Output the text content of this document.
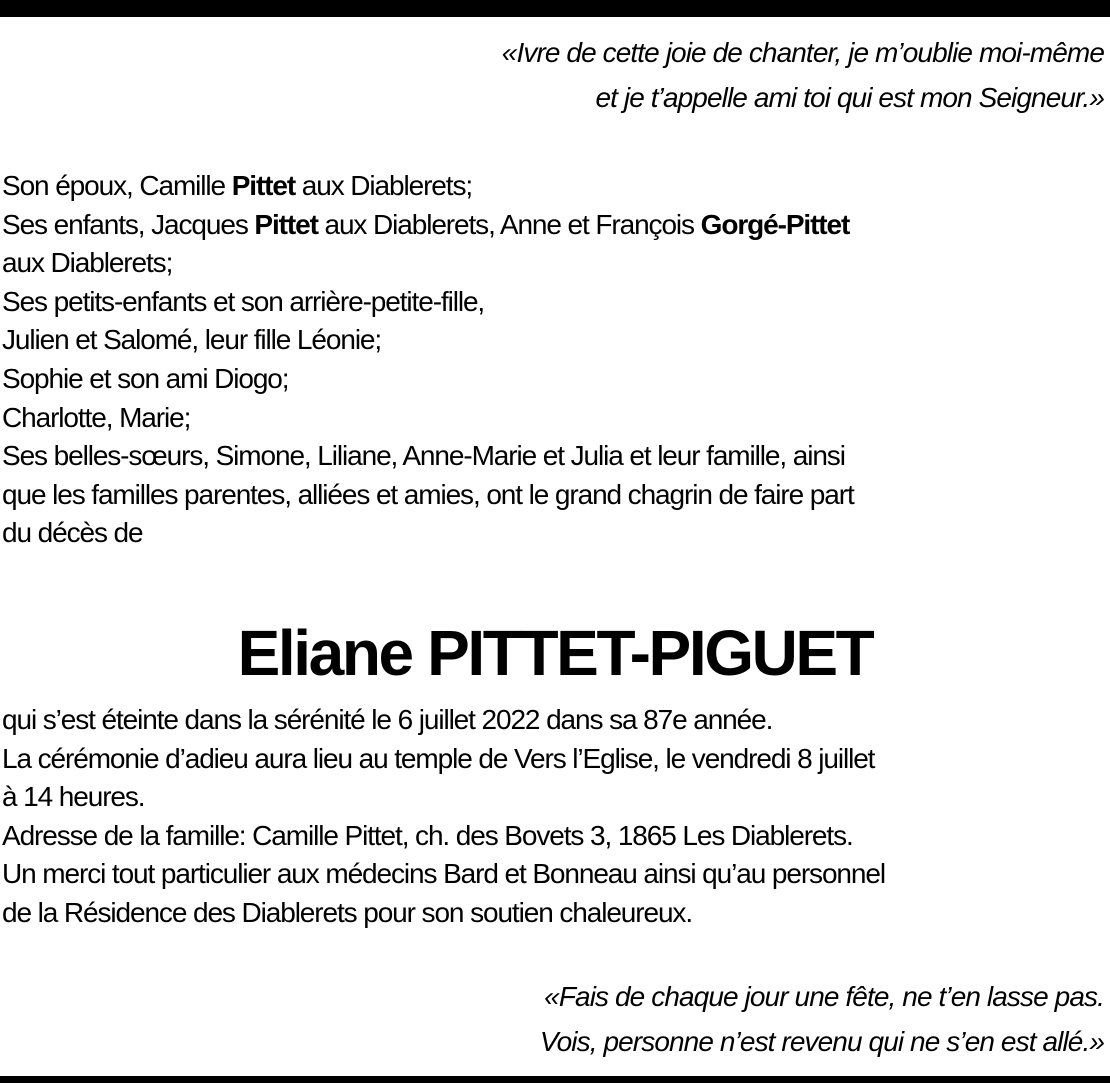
«Ivre de cette joie de chanter, je m’oublie moi-même
et je t’appelle ami toi qui est mon Seigneur.»
Son époux, Camille Pittet aux Diablerets;
Ses enfants, Jacques Pittet aux Diablerets, Anne et François Gorgé-Pittet
aux Diablerets;
Ses petits-enfants et son arrière-petite-fille,
Julien et Salomé, leur fille Léonie;
Sophie et son ami Diogo;
Charlotte, Marie;
Ses belles-sœurs, Simone, Liliane, Anne-Marie et Julia et leur famille, ainsi
que les familles parentes, alliées et amies, ont le grand chagrin de faire part
du décès de
Eliane PITTET-PIGUET
qui s’est éteinte dans la sérénité le 6 juillet 2022 dans sa 87e année.
La cérémonie d’adieu aura lieu au temple de Vers l’Eglise, le vendredi 8 juillet
à 14 heures.
Adresse de la famille: Camille Pittet, ch. des Bovets 3, 1865 Les Diablerets.
Un merci tout particulier aux médecins Bard et Bonneau ainsi qu’au personnel
de la Résidence des Diablerets pour son soutien chaleureux.
«Fais de chaque jour une fête, ne t’en lasse pas.
Vois, personne n’est revenu qui ne s’en est allé.»
